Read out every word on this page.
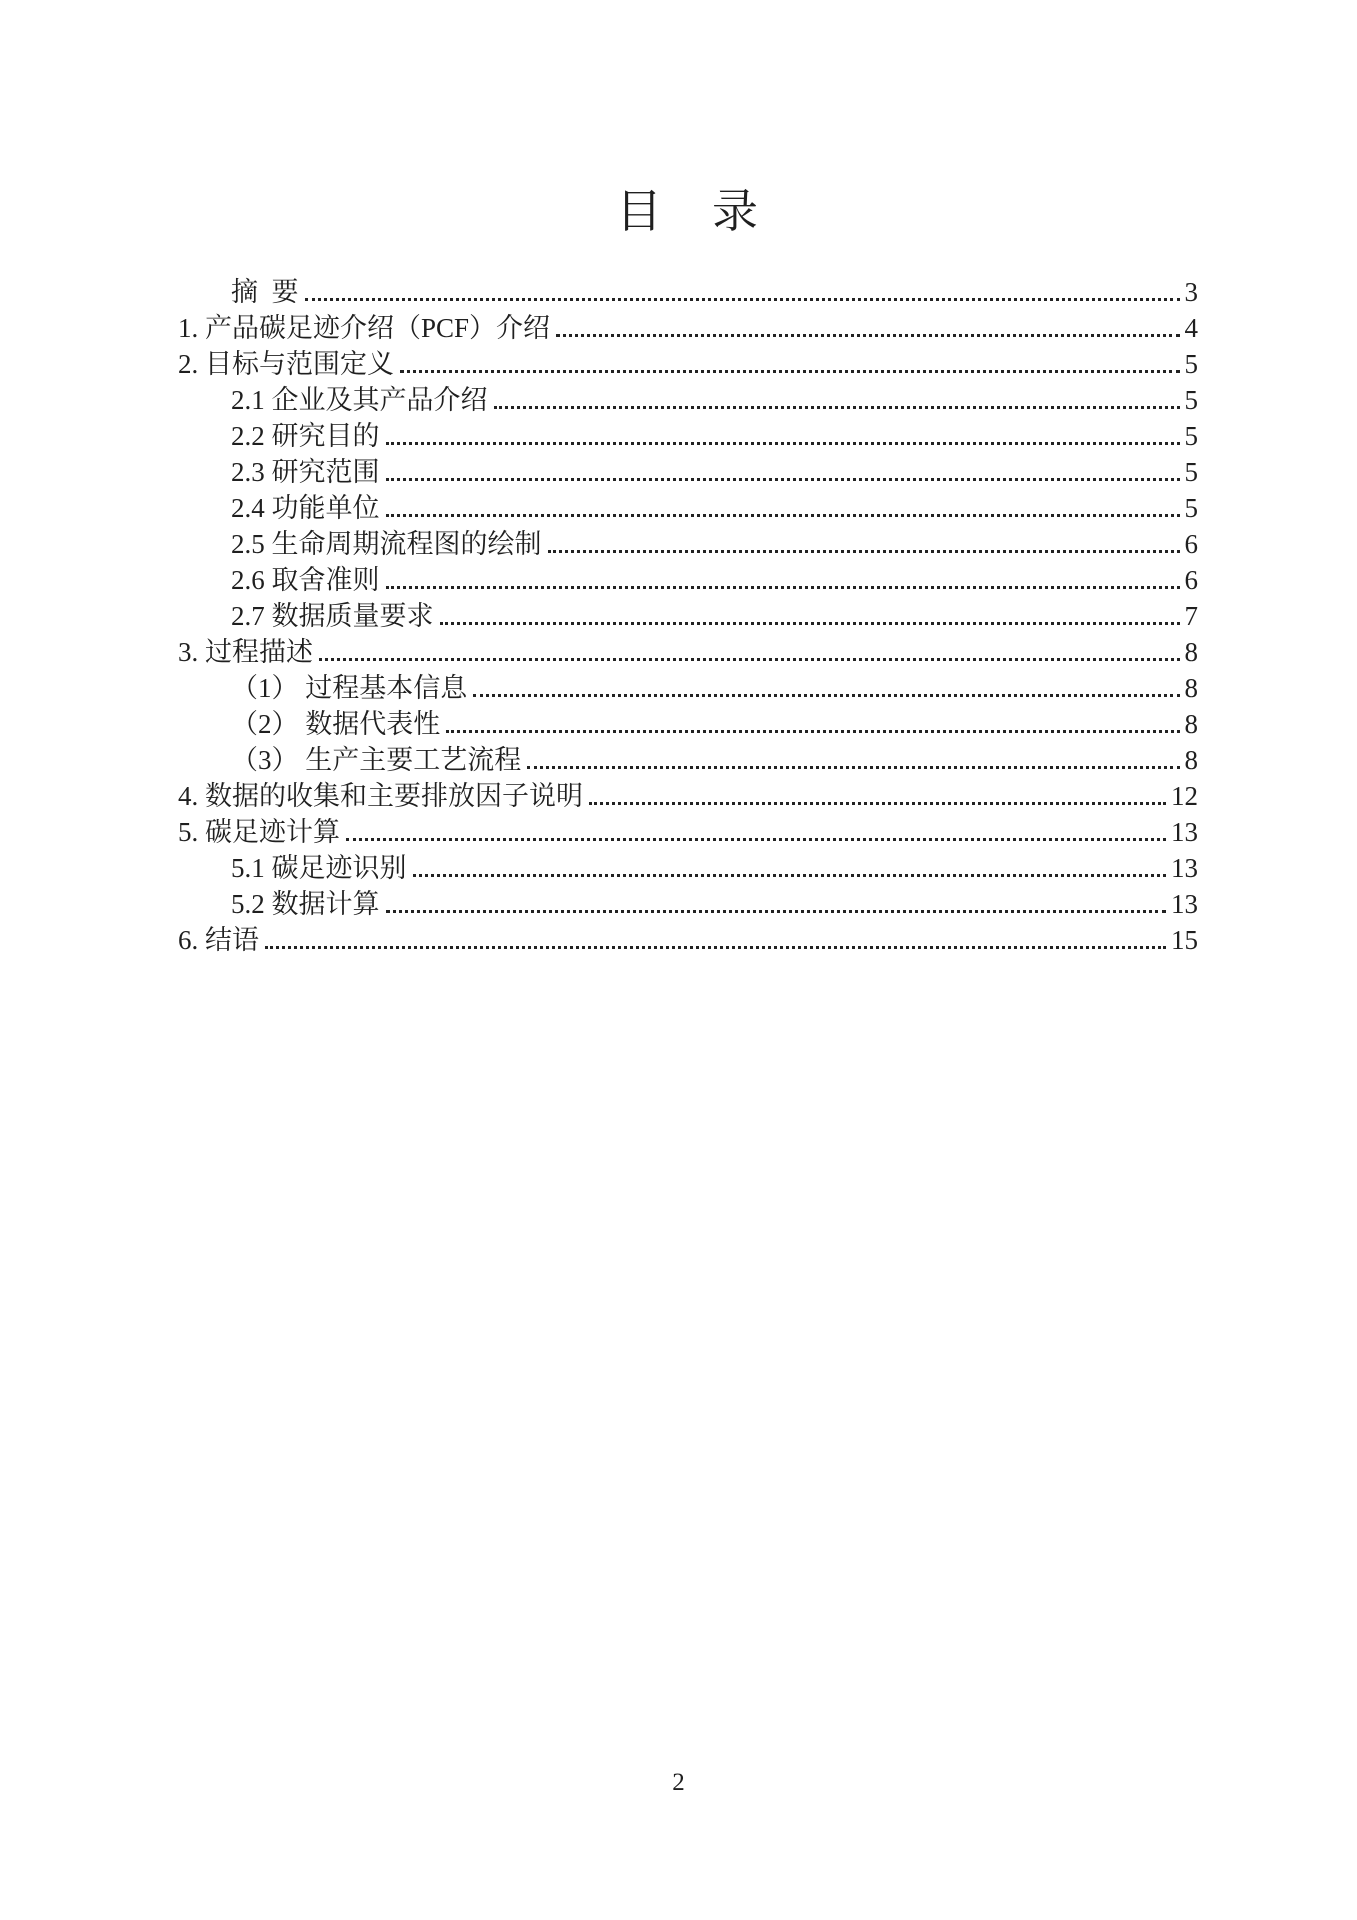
目　录
摘  要	3
1. 产品碳足迹介绍（PCF）介绍	4
2. 目标与范围定义	5
2.1 企业及其产品介绍	5
2.2 研究目的	5
2.3 研究范围	5
2.4 功能单位	5
2.5 生命周期流程图的绘制	6
2.6 取舍准则	6
2.7 数据质量要求	7
3. 过程描述	8
（1） 过程基本信息	8
（2） 数据代表性	8
（3） 生产主要工艺流程	8
4. 数据的收集和主要排放因子说明	12
5. 碳足迹计算	13
5.1 碳足迹识别	13
5.2 数据计算	13
6. 结语	15
2
